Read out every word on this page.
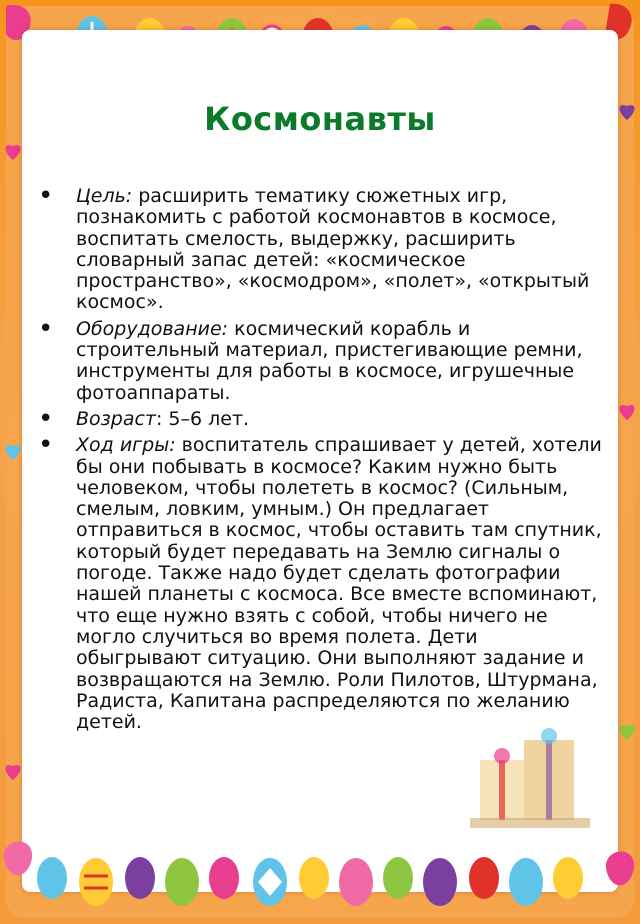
Космонавты
• Цель: расширить тематику сюжетных игр, познакомить с работой космонавтов в космосе, воспитать смелость, выдержку, расширить словарный запас детей: «космическое пространство», «космодром», «полет», «открытый космос».
• Оборудование: космический корабль и строительный материал, пристегивающие ремни, инструменты для работы в космосе, игрушечные фотоаппараты.
• Возраст: 5–6 лет.
• Ход игры: воспитатель спрашивает у детей, хотели бы они побывать в космосе? Каким нужно быть человеком, чтобы полететь в космос? (Сильным, смелым, ловким, умным.) Он предлагает отправиться в космос, чтобы оставить там спутник, который будет передавать на Землю сигналы о погоде. Также надо будет сделать фотографии нашей планеты с космоса. Все вместе вспоминают, что еще нужно взять с собой, чтобы ничего не могло случиться во время полета. Дети обыгрывают ситуацию. Они выполняют задание и возвращаются на Землю. Роли Пилотов, Штурмана, Радиста, Капитана распределяются по желанию детей.
